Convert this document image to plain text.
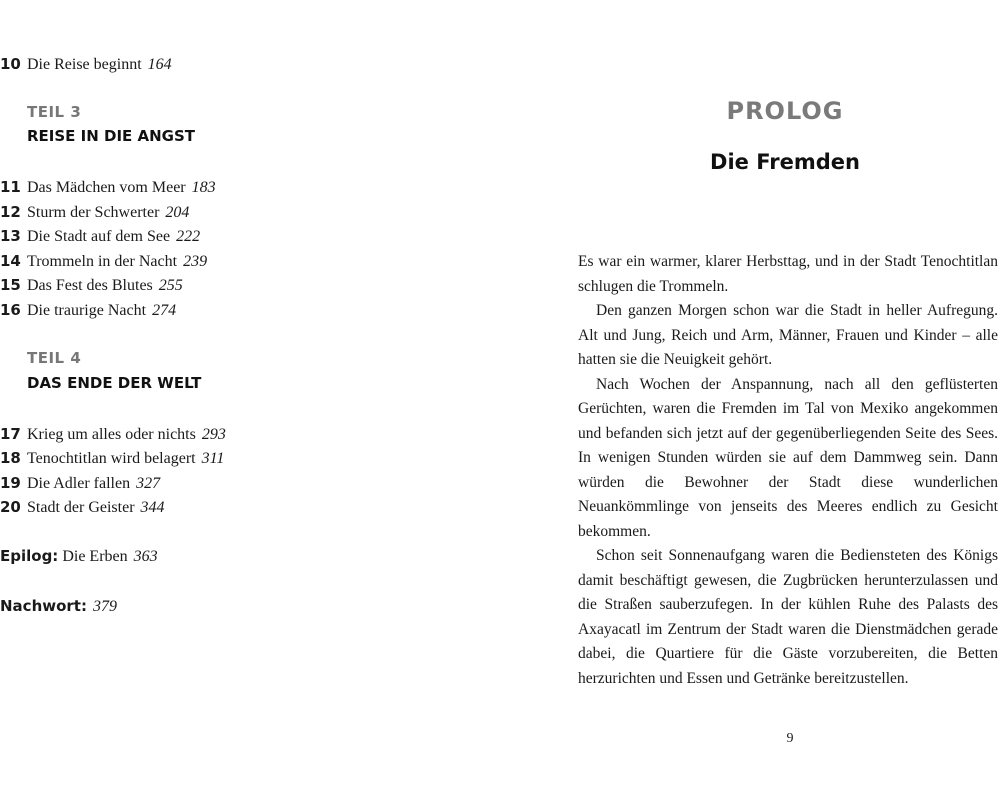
10 Die Reise beginnt 164
TEIL 3
REISE IN DIE ANGST
11 Das Mädchen vom Meer 183
12 Sturm der Schwerter 204
13 Die Stadt auf dem See 222
14 Trommeln in der Nacht 239
15 Das Fest des Blutes 255
16 Die traurige Nacht 274
TEIL 4
DAS ENDE DER WELT
17 Krieg um alles oder nichts 293
18 Tenochtitlan wird belagert 311
19 Die Adler fallen 327
20 Stadt der Geister 344
Epilog: Die Erben 363
Nachwort: 379
PROLOG
Die Fremden

Es war ein warmer, klarer Herbsttag, und in der Stadt Tenochtitlan schlugen die Trommeln.

Den ganzen Morgen schon war die Stadt in heller Aufregung. Alt und Jung, Reich und Arm, Männer, Frauen und Kinder – alle hatten sie die Neuigkeit gehört.

Nach Wochen der Anspannung, nach all den geflüsterten Gerüchten, waren die Fremden im Tal von Mexiko angekommen und befanden sich jetzt auf der gegenüberliegenden Seite des Sees. In wenigen Stunden würden sie auf dem Dammweg sein. Dann würden die Bewohner der Stadt diese wunderlichen Neuankömmlinge von jenseits des Meeres endlich zu Gesicht bekommen.

Schon seit Sonnenaufgang waren die Bediensteten des Königs damit beschäftigt gewesen, die Zugbrücken herunterzulassen und die Straßen sauberzufegen. In der kühlen Ruhe des Palasts des Axayacatl im Zentrum der Stadt waren die Dienstmädchen gerade dabei, die Quartiere für die Gäste vorzubereiten, die Betten herzurichten und Essen und Getränke bereitzustellen.

9
